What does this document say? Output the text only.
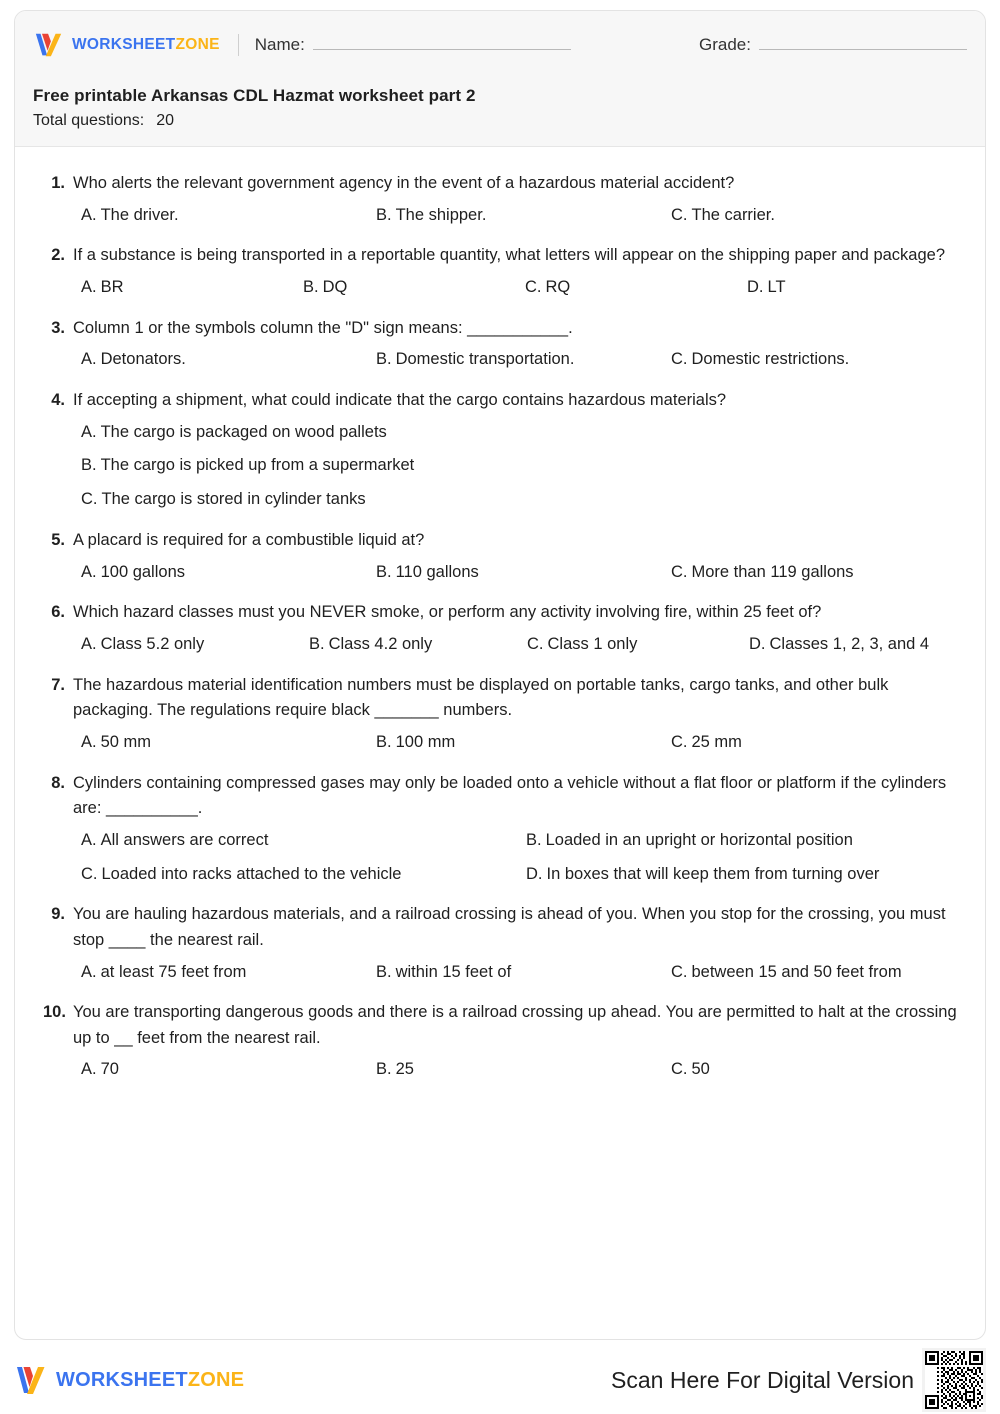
WORKSHEETZONE Name:	Grade:
Free printable Arkansas CDL Hazmat worksheet part 2
Total questions: 20
1. Who alerts the relevant government agency in the event of a hazardous material accident?
A. The driver.	B. The shipper.	C. The carrier.
2. If a substance is being transported in a reportable quantity, what letters will appear on the shipping paper and package?
A. BR	B. DQ	C. RQ	D. LT
3. Column 1 or the symbols column the "D" sign means: ___________.
A. Detonators.	B. Domestic transportation.	C. Domestic restrictions.
4. If accepting a shipment, what could indicate that the cargo contains hazardous materials?
A. The cargo is packaged on wood pallets
B. The cargo is picked up from a supermarket
C. The cargo is stored in cylinder tanks
5. A placard is required for a combustible liquid at?
A. 100 gallons	B. 110 gallons	C. More than 119 gallons
6. Which hazard classes must you NEVER smoke, or perform any activity involving fire, within 25 feet of?
A. Class 5.2 only	B. Class 4.2 only	C. Class 1 only	D. Classes 1, 2, 3, and 4
7. The hazardous material identification numbers must be displayed on portable tanks, cargo tanks, and other bulk packaging. The regulations require black _______ numbers.
A. 50 mm	B. 100 mm	C. 25 mm
8. Cylinders containing compressed gases may only be loaded onto a vehicle without a flat floor or platform if the cylinders are: __________.
A. All answers are correct	B. Loaded in an upright or horizontal position
C. Loaded into racks attached to the vehicle	D. In boxes that will keep them from turning over
9. You are hauling hazardous materials, and a railroad crossing is ahead of you. When you stop for the crossing, you must stop ____ the nearest rail.
A. at least 75 feet from	B. within 15 feet of	C. between 15 and 50 feet from
10. You are transporting dangerous goods and there is a railroad crossing up ahead. You are permitted to halt at the crossing up to __ feet from the nearest rail.
A. 70	B. 25	C. 50
WORKSHEETZONE	Scan Here For Digital Version
